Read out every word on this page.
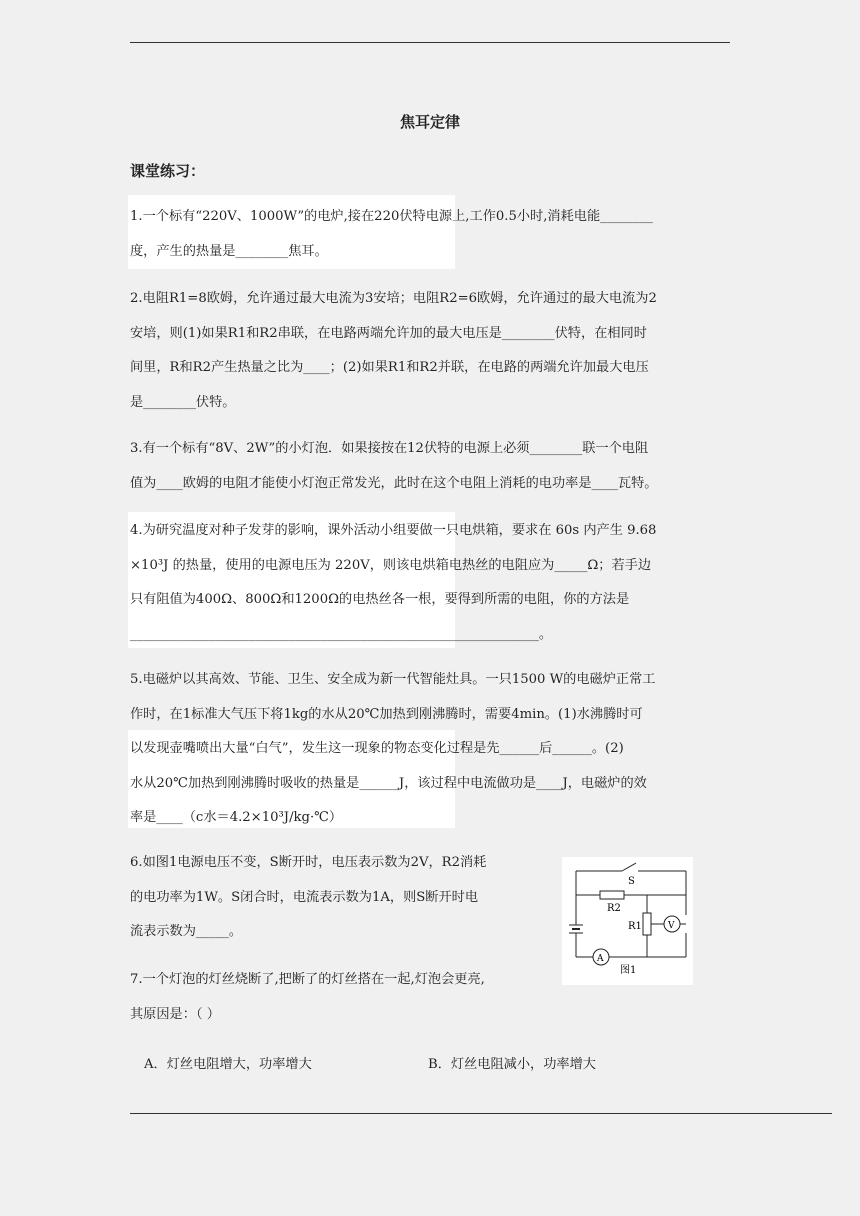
焦耳定律
课堂练习：
1.一个标有“220V、1000W”的电炉,接在220伏特电源上,工作0.5小时,消耗电能________
度，产生的热量是________焦耳。
2.电阻R1=8欧姆，允许通过最大电流为3安培；电阻R2=6欧姆，允许通过的最大电流为2
安培，则(1)如果R1和R2串联，在电路两端允许加的最大电压是________伏特，在相同时
间里，R和R2产生热量之比为____；(2)如果R1和R2并联，在电路的两端允许加最大电压
是________伏特。
3.有一个标有“8V、2W”的小灯泡．如果接按在12伏特的电源上必须________联一个电阻
值为____欧姆的电阻才能使小灯泡正常发光，此时在这个电阻上消耗的电功率是____瓦特。
4.为研究温度对种子发芽的影响，课外活动小组要做一只电烘箱，要求在 60s 内产生 9.68
×10³J 的热量，使用的电源电压为 220V，则该电烘箱电热丝的电阻应为_____Ω；若手边
只有阻值为400Ω、800Ω和1200Ω的电热丝各一根，要得到所需的电阻，你的方法是
______________________________________________________________。
5.电磁炉以其高效、节能、卫生、安全成为新一代智能灶具。一只1500 W的电磁炉正常工
作时，在1标准大气压下将1kg的水从20℃加热到刚沸腾时，需要4min。(1)水沸腾时可
以发现壶嘴喷出大量“白气”，发生这一现象的物态变化过程是先______后______。(2)
水从20℃加热到刚沸腾时吸收的热量是______J，该过程中电流做功是____J，电磁炉的效
率是____（c水＝4.2×10³J/kg·℃）
6.如图1电源电压不变，S断开时，电压表示数为2V，R2消耗
的电功率为1W。S闭合时，电流表示数为1A，则S断开时电
流表示数为_____。
S
R2
R1	V
A
图1
7.一个灯泡的灯丝烧断了,把断了的灯丝搭在一起,灯泡会更亮,
其原因是：（ ）
A．灯丝电阻增大，功率增大	B．灯丝电阻减小，功率增大
